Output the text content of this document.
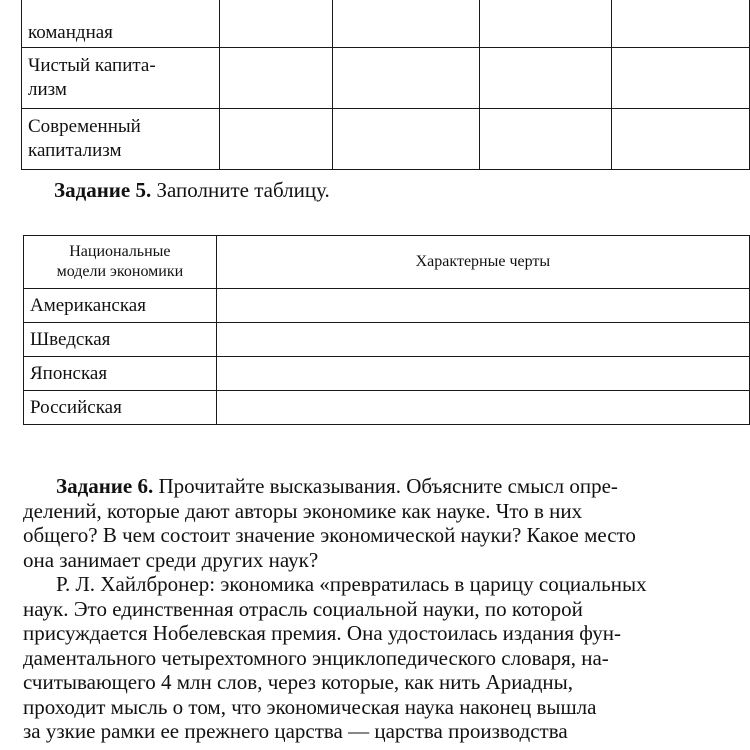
командная				
Чистый капита-
лизм				
Современный
капитализм				
Задание 5. Заполните таблицу.
Национальные
модели экономики	Характерные черты
Американская	
Шведская	
Японская	
Российская	

Задание 6. Прочитайте высказывания. Объясните смысл опре-

делений, которые дают авторы экономике как науке. Что в них

общего? В чем состоит значение экономической науки? Какое место

она занимает среди других наук?

Р. Л. Хайлбронер: экономика «превратилась в царицу социальных

наук. Это единственная отрасль социальной науки, по которой

присуждается Нобелевская премия. Она удостоилась издания фун-

даментального четырехтомного энциклопедического словаря, на-

считывающего 4 млн слов, через которые, как нить Ариадны,

проходит мысль о том, что экономическая наука наконец вышла

за узкие рамки ее прежнего царства — царства производства
